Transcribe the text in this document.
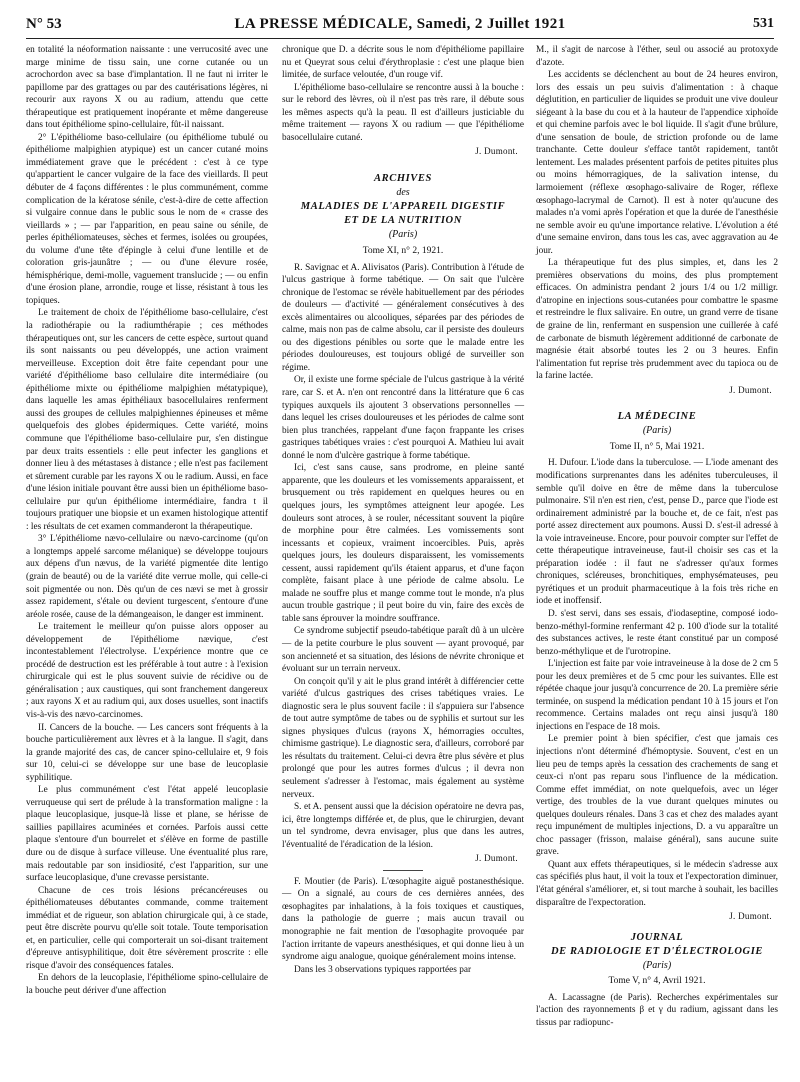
N° 53	LA PRESSE MÉDICALE, Samedi, 2 Juillet 1921	531

en totalité la néoformation naissante : une verrucosité avec une marge minime de tissu sain, une corne cutanée ou un acrochordon avec sa base d'implantation. Il ne faut ni irriter le papillome par des grattages ou par des cautérisations légères, ni recourir aux rayons X ou au radium, attendu que cette thérapeutique est pratiquement inopérante et même dangereuse dans tout épithéliome spino-cellulaire, fût-il naissant.

2° L'épithéliome baso-cellulaire (ou épithéliome tubulé ou épithéliome malpighien atypique) est un cancer cutané moins immédiatement grave que le précédent : c'est à ce type qu'appartient le cancer vulgaire de la face des vieillards. Il peut débuter de 4 façons différentes : le plus communément, comme complication de la kératose sénile, c'est-à-dire de cette affection si vulgaire connue dans le public sous le nom de « crasse des vieillards » ; — par l'apparition, en peau saine ou sénile, de perles épithéliomateuses, sèches et fermes, isolées ou groupées, du volume d'une tête d'épingle à celui d'une lentille et de coloration gris-jaunâtre ; — ou d'une élevure rosée, hémisphérique, demi-molle, vaguement translucide ; — ou enfin d'une érosion plane, arrondie, rouge et lisse, résistant à tous les topiques.

Le traitement de choix de l'épithéliome baso-cellulaire, c'est la radiothérapie ou la radiumthérapie ; ces méthodes thérapeutiques ont, sur les cancers de cette espèce, surtout quand ils sont naissants ou peu développés, une action vraiment merveilleuse. Exception doit être faite cependant pour une variété d'épithéliome baso cellulaire dite intermédiaire (ou épithéliome mixte ou épithéliome malpighien métatypique), dans laquelle les amas épithéliaux basocellulaires renferment aussi des groupes de cellules malpighiennes épineuses et même quelquefois des globes épidermiques. Cette variété, moins commune que l'épithéliome baso-cellulaire pur, s'en distingue par deux traits essentiels : elle peut infecter les ganglions et donner lieu à des métastases à distance ; elle n'est pas facilement et sûrement curable par les rayons X ou le radium. Aussi, en face d'une lésion initiale pouvant être aussi bien un épithéliome baso-cellulaire pur qu'un épithéliome intermédiaire, fandra t il toujours pratiquer une biopsie et un examen histologique attentif : les résultats de cet examen commanderont la thérapeutique.

3° L'épithéliome nævo-cellulaire ou nævo-carcinome (qu'on a longtemps appelé sarcome mélanique) se développe toujours aux dépens d'un nævus, de la variété pigmentée dite lentigo (grain de beauté) ou de la variété dite verrue molle, qui celle-ci soit pigmentée ou non. Dès qu'un de ces nævi se met à grossir assez rapidement, s'étale ou devient turgescent, s'entoure d'une aréole rosée, cause de la démangeaison, le danger est imminent.

Le traitement le meilleur qu'on puisse alors opposer au développement de l'épithéliome nævique, c'est incontestablement l'électrolyse. L'expérience montre que ce procédé de destruction est les préférable à tout autre : à l'exision chirurgicale qui est le plus souvent suivie de récidive ou de généralisation ; aux caustiques, qui sont franchement dangereux ; aux rayons X et au radium qui, aux doses usuelles, sont inactifs vis-à-vis des nævo-carcinomes.

II. Cancers de la bouche. — Les cancers sont fréquents à la bouche particulièrement aux lèvres et à la langue. Il s'agit, dans la grande majorité des cas, de cancer spino-cellulaire et, 9 fois sur 10, celui-ci se développe sur une base de leucoplasie syphilitique.

Le plus communément c'est l'état appelé leucoplasie verruqueuse qui sert de prélude à la transformation maligne : la plaque leucoplasique, jusque-là lisse et plane, se hérisse de saillies papillaires acuminées et cornées. Parfois aussi cette plaque s'entoure d'un bourrelet et s'élève en forme de pastille dure ou de disque à surface villeuse. Une éventualité plus rare, mais redoutable par son insidiosité, c'est l'apparition, sur une surface leucoplasique, d'une crevasse persistante.

Chacune de ces trois lésions précancéreuses ou épithéliomateuses débutantes commande, comme traitement immédiat et de rigueur, son ablation chirurgicale qui, à ce stade, peut être discrète pourvu qu'elle soit totale. Toute temporisation et, en particulier, celle qui comporterait un soi-disant traitement d'épreuve antisyphilitique, doit être sévèrement proscrite : elle risque d'avoir des conséquences fatales.

En dehors de la leucoplasie, l'épithéliome spino-cellulaire de la bouche peut dériver d'une affection

chronique que D. a décrite sous le nom d'épithéliome papillaire nu et Queyrat sous celui d'érythroplasie : c'est une plaque bien limitée, de surface veloutée, d'un rouge vif.

L'épithéliome baso-cellulaire se rencontre aussi à la bouche : sur le rebord des lèvres, où il n'est pas très rare, il débute sous les mêmes aspects qu'à la peau. Il est d'ailleurs justiciable du même traitement — rayons X ou radium — que l'épithéliome basocellulaire cutané.

J. Dumont.
ARCHIVES
des
MALADIES DE L'APPAREIL DIGESTIF
ET DE LA NUTRITION
(Paris)
Tome XI, n° 2, 1921.

R. Savignac et A. Alivisatos (Paris). Contribution à l'étude de l'ulcus gastrique à forme tabétique. — On sait que l'ulcère chronique de l'estomac se révèle habituellement par des périodes de douleurs — d'activité — généralement consécutives à des excès alimentaires ou alcooliques, séparées par des périodes de calme, mais non pas de calme absolu, car il persiste des douleurs ou des digestions pénibles ou sorte que le malade entre les périodes douloureuses, est toujours obligé de surveiller son régime.

Or, il existe une forme spéciale de l'ulcus gastrique à la vérité rare, car S. et A. n'en ont rencontré dans la littérature que 6 cas typiques auxquels ils ajoutent 3 observations personnelles — dans lequel les crises douloureuses et les périodes de calme sont bien plus tranchées, rappelant d'une façon frappante les crises gastriques tabétiques vraies : c'est pourquoi A. Mathieu lui avait donné le nom d'ulcère gastrique à forme tabétique.

Ici, c'est sans cause, sans prodrome, en pleine santé apparente, que les douleurs et les vomissements apparaissent, et brusquement ou très rapidement en quelques heures ou en quelques jours, les symptômes atteignent leur apogée. Les douleurs sont atroces, à se rouler, nécessitant souvent la piqûre de morphine pour être calmées. Les vomissements sont incessants et copieux, vraiment incoercibles. Puis, après quelques jours, les douleurs disparaissent, les vomissements cessent, aussi rapidement qu'ils étaient apparus, et d'une façon complète, faisant place à une période de calme absolu. Le malade ne souffre plus et mange comme tout le monde, n'a plus aucun trouble gastrique ; il peut boire du vin, faire des excès de table sans éprouver la moindre souffrance.

Ce syndrome subjectif pseudo-tabétique paraît dû à un ulcère — de la petite courbure le plus souvent — ayant provoqué, par son ancienneté et sa situation, des lésions de névrite chronique et évoluant sur un terrain nerveux.

On conçoit qu'il y ait le plus grand intérêt à différencier cette variété d'ulcus gastriques des crises tabétiques vraies. Le diagnostic sera le plus souvent facile : il s'appuiera sur l'absence de tout autre symptôme de tabes ou de syphilis et surtout sur les signes physiques d'ulcus (rayons X, hémorragies occultes, chimisme gastrique). Le diagnostic sera, d'ailleurs, corroboré par les résultats du traitement. Celui-ci devra être plus sévère et plus prolongé que pour les autres formes d'ulcus ; il devra non seulement s'adresser à l'estomac, mais également au système nerveux.

S. et A. pensent aussi que la décision opératoire ne devra pas, ici, être longtemps différée et, de plus, que le chirurgien, devant un tel syndrome, devra envisager, plus que dans les autres, l'éventualité de l'éradication de la lésion.

J. Dumont.

F. Moutier (de Paris). L'œsophagite aiguë postanesthésique. — On a signalé, au cours de ces dernières années, des œsophagites par inhalations, à la fois toxiques et caustiques, dans la pathologie de guerre ; mais aucun travail ou monographie ne fait mention de l'œsophagite provoquée par l'action irritante de vapeurs anesthésiques, et qui donne lieu à un syndrome aigu analogue, quoique généralement moins intense.

Dans les 3 observations typiques rapportées par

M., il s'agit de narcose à l'éther, seul ou associé au protoxyde d'azote.

Les accidents se déclenchent au bout de 24 heures environ, lors des essais un peu suivis d'alimentation : à chaque déglutition, en particulier de liquides se produit une vive douleur siégeant à la base du cou et à la hauteur de l'appendice xiphoïde et qui chemine parfois avec le bol liquide. Il s'agit d'une brûlure, d'une sensation de boule, de striction profonde ou de lame tranchante. Cette douleur s'efface tantôt rapidement, tantôt lentement. Les malades présentent parfois de petites pituites plus ou moins hémorragiques, de la salivation intense, du larmoiement (réflexe œsophago-salivaire de Roger, réflexe œsophago-lacrymal de Carnot). Il est à noter qu'aucune des malades n'a vomi après l'opération et que la durée de l'anesthésie ne semble avoir eu qu'une importance relative. L'évolution a été d'une semaine environ, dans tous les cas, avec aggravation au 4e jour.

La thérapeutique fut des plus simples, et, dans les 2 premières observations du moins, des plus promptement efficaces. On administra pendant 2 jours 1/4 ou 1/2 milligr. d'atropine en injections sous-cutanées pour combattre le spasme et restreindre le flux salivaire. En outre, un grand verre de tisane de graine de lin, renfermant en suspension une cuillerée à café de carbonate de bismuth légèrement additionné de carbonate de magnésie était absorbé toutes les 2 ou 3 heures. Enfin l'alimentation fut reprise très prudemment avec du tapioca ou de la farine lactée.

J. Dumont.
LA MÉDECINE
(Paris)
Tome II, n° 5, Mai 1921.

H. Dufour. L'iode dans la tuberculose. — L'iode amenant des modifications surprenantes dans les adénites tuberculeuses, il semble qu'il doive en être de même dans la tuberculose pulmonaire. S'il n'en est rien, c'est, pense D., parce que l'iode est ordinairement administré par la bouche et, de ce fait, n'est pas porté assez directement aux poumons. Aussi D. s'est-il adressé à la voie intraveineuse. Encore, pour pouvoir compter sur l'effet de cette thérapeutique intraveineuse, faut-il choisir ses cas et la préparation iodée : il faut ne s'adresser qu'aux formes chroniques, scléreuses, bronchitiques, emphysémateuses, peu pyrétiques et un produit pharmaceutique à la fois très riche en iode et inoffensif.

D. s'est servi, dans ses essais, d'iodaseptine, composé iodo-benzo-méthyl-formine renfermant 42 p. 100 d'iode sur la totalité des substances actives, le reste étant constitué par un composé benzo-méthylique et de l'urotropine.

L'injection est faite par voie intraveineuse à la dose de 2 cm 5 pour les deux premières et de 5 cmc pour les suivantes. Elle est répétée chaque jour jusqu'à concurrence de 20. La première série terminée, on suspend la médication pendant 10 à 15 jours et l'on recommence. Certains malades ont reçu ainsi jusqu'à 180 injections en l'espace de 18 mois.

Le premier point à bien spécifier, c'est que jamais ces injections n'ont déterminé d'hémoptysie. Souvent, c'est en un lieu peu de temps après la cessation des crachements de sang et ceux-ci n'ont pas reparu sous l'influence de la médication. Comme effet immédiat, on note quelquefois, avec un léger vertige, des troubles de la vue durant quelques minutes ou quelques douleurs rénales. Dans 3 cas et chez des malades ayant reçu impunément de multiples injections, D. a vu apparaître un choc passager (frisson, malaise général), sans aucune suite grave.

Quant aux effets thérapeutiques, si le médecin s'adresse aux cas spécifiés plus haut, il voit la toux et l'expectoration diminuer, l'état général s'améliorer, et, si tout marche à souhait, les bacilles disparaître de l'expectoration.

J. Dumont.
JOURNAL
DE RADIOLOGIE ET D'ÉLECTROLOGIE
(Paris)
Tome V, n° 4, Avril 1921.

A. Lacassagne (de Paris). Recherches expérimentales sur l'action des rayonnements β et γ du radium, agissant dans les tissus par radiopunc-
